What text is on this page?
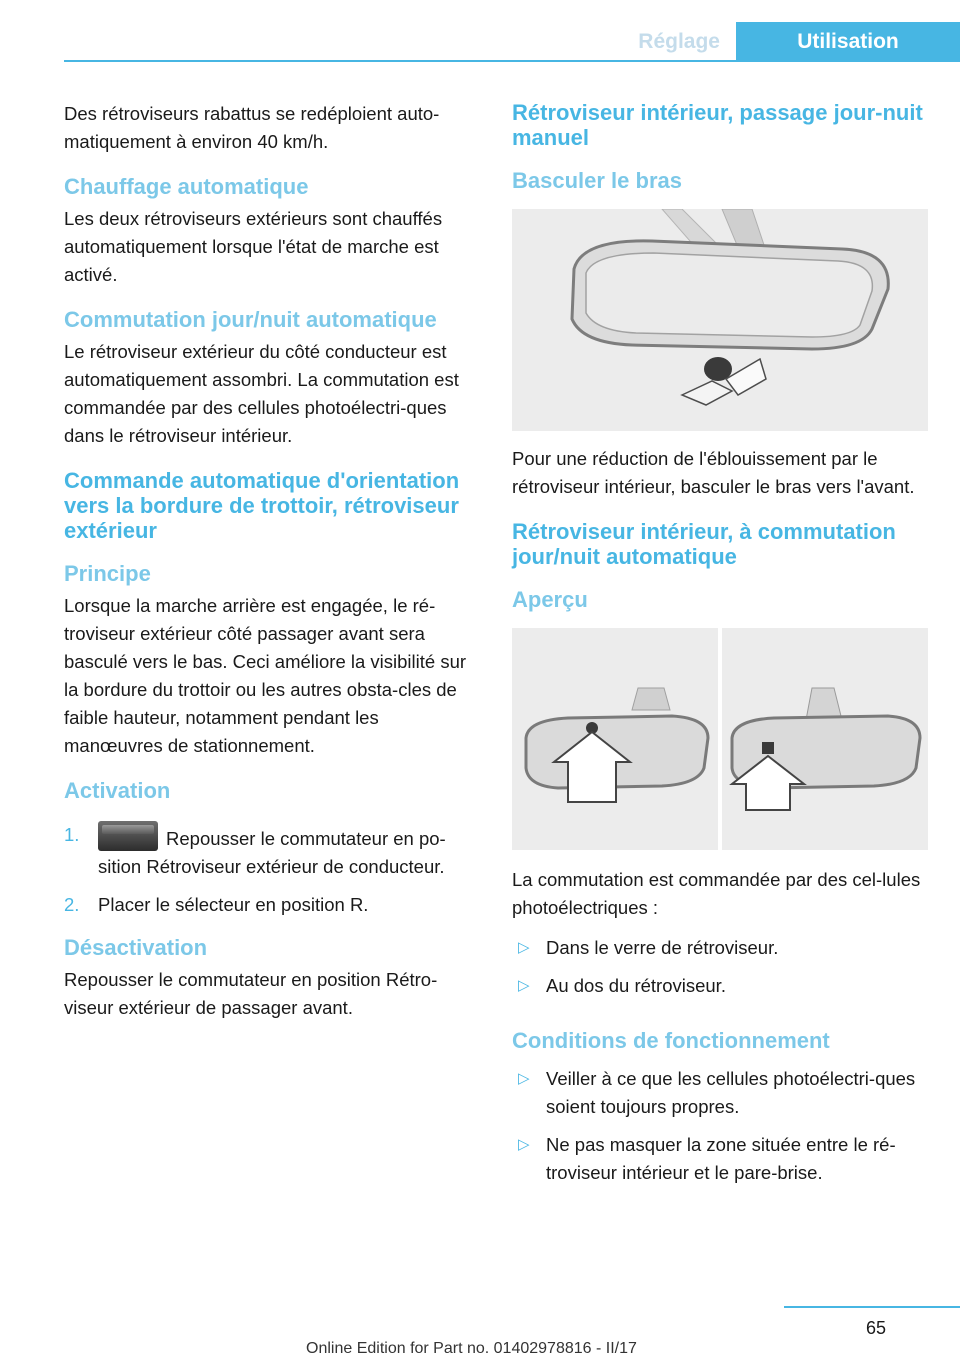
Réglage	Utilisation

Des rétroviseurs rabattus se redéploient auto-matiquement à environ 40 km/h.

Chauffage automatique

Les deux rétroviseurs extérieurs sont chauffés automatiquement lorsque l'état de marche est activé.

Commutation jour/nuit automatique

Le rétroviseur extérieur du côté conducteur est automatiquement assombri. La commutation est commandée par des cellules photoélectri-ques dans le rétroviseur intérieur.

Commande automatique d'orientation vers la bordure de trottoir, rétroviseur extérieur
Principe

Lorsque la marche arrière est engagée, le ré-troviseur extérieur côté passager avant sera basculé vers le bas. Ceci améliore la visibilité sur la bordure du trottoir ou les autres obsta-cles de faible hauteur, notamment pendant les manœuvres de stationnement.

Activation
1.	Repousser le commutateur en po-sition Rétroviseur extérieur de conducteur.
2. Placer le sélecteur en position R.
Désactivation

Repousser le commutateur en position Rétro-viseur extérieur de passager avant.

Rétroviseur intérieur, passage jour-nuit manuel
Basculer le bras

Pour une réduction de l'éblouissement par le rétroviseur intérieur, basculer le bras vers l'avant.

Rétroviseur intérieur, à commutation jour/nuit automatique
Aperçu

La commutation est commandée par des cel-lules photoélectriques :

▷ Dans le verre de rétroviseur.
▷ Au dos du rétroviseur.
Conditions de fonctionnement
▷ Veiller à ce que les cellules photoélectri-ques soient toujours propres.
▷ Ne pas masquer la zone située entre le ré-troviseur intérieur et le pare-brise.
65
Online Edition for Part no. 01402978816 - II/17
